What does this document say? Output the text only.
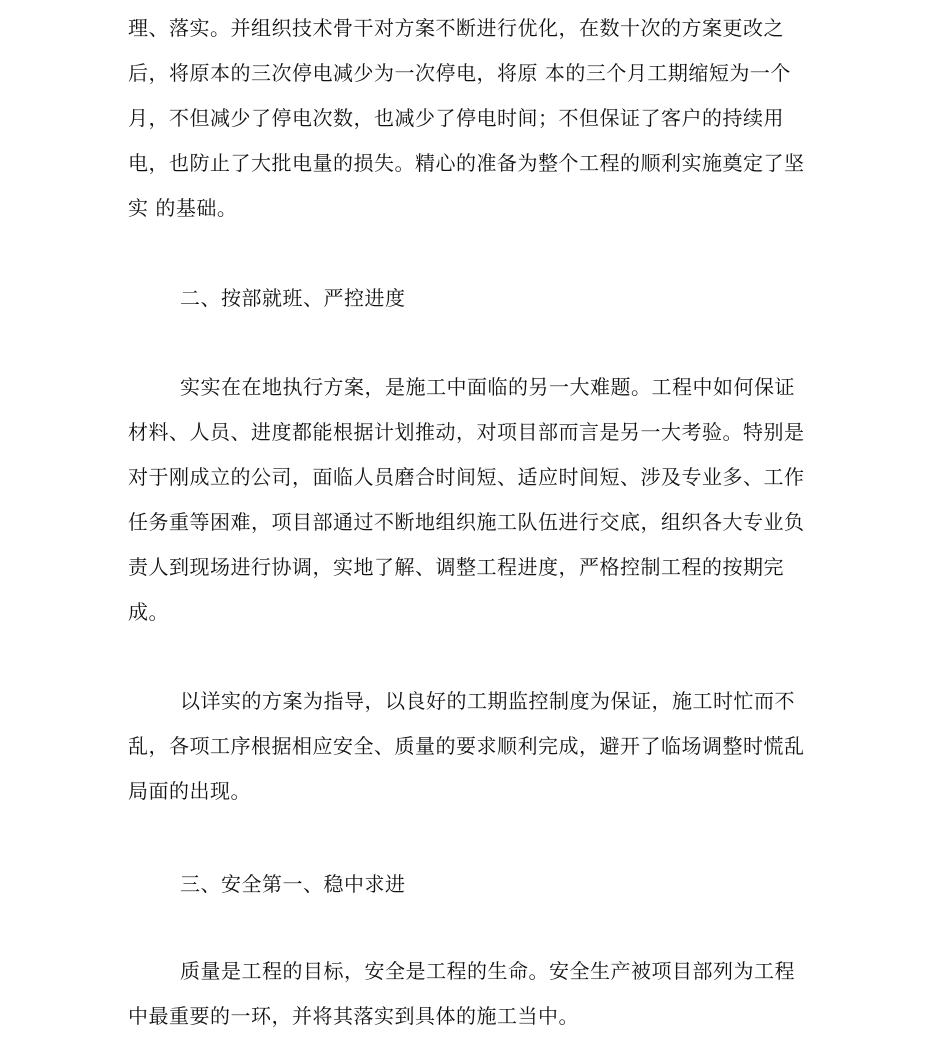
理、落实。并组织技术骨干对方案不断进行优化，在数十次的方案更改之
后，将原本的三次停电减少为一次停电，将原 本的三个月工期缩短为一个
月，不但减少了停电次数，也减少了停电时间；不但保证了客户的持续用
电，也防止了大批电量的损失。精心的准备为整个工程的顺利实施奠定了坚
实 的基础。
二、按部就班、严控进度
实实在在地执行方案，是施工中面临的另一大难题。工程中如何保证
材料、人员、进度都能根据计划推动，对项目部而言是另一大考验。特别是
对于刚成立的公司，面临人员磨合时间短、适应时间短、涉及专业多、工作
任务重等困难，项目部通过不断地组织施工队伍进行交底，组织各大专业负
责人到现场进行协调，实地了解、调整工程进度，严格控制工程的按期完
成。
以详实的方案为指导，以良好的工期监控制度为保证，施工时忙而不
乱，各项工序根据相应安全、质量的要求顺利完成，避开了临场调整时慌乱
局面的出现。
三、安全第一、稳中求进
质量是工程的目标，安全是工程的生命。安全生产被项目部列为工程
中最重要的一环，并将其落实到具体的施工当中。
